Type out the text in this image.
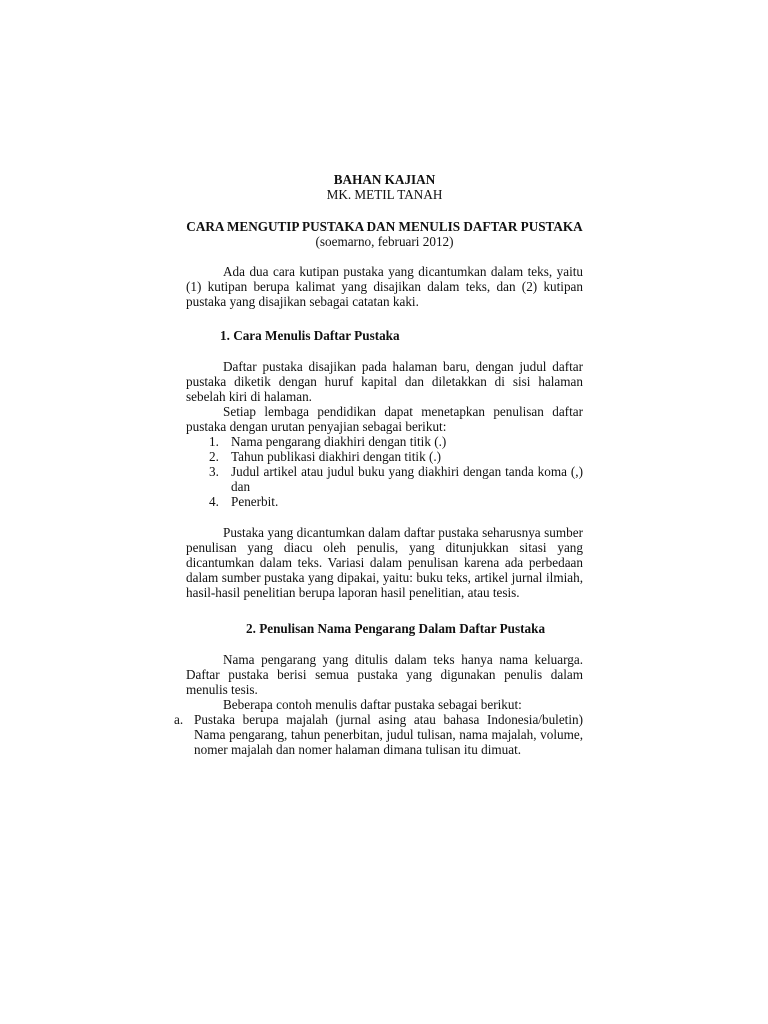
BAHAN KAJIAN

MK. METIL TANAH

CARA MENGUTIP PUSTAKA DAN MENULIS DAFTAR PUSTAKA

(soemarno, februari 2012)

Ada dua cara kutipan pustaka yang dicantumkan dalam teks, yaitu (1) kutipan berupa kalimat yang disajikan dalam teks, dan (2) kutipan pustaka yang disajikan sebagai catatan kaki.

1. Cara Menulis Daftar Pustaka

Daftar pustaka disajikan pada halaman baru, dengan judul daftar pustaka diketik dengan huruf kapital dan diletakkan di sisi halaman sebelah kiri di halaman.

Setiap lembaga pendidikan dapat menetapkan penulisan daftar pustaka dengan urutan penyajian sebagai berikut:

1. Nama pengarang diakhiri dengan titik (.)
2. Tahun publikasi diakhiri dengan titik (.)
3. Judul artikel atau judul buku yang diakhiri dengan tanda koma (,) dan
4. Penerbit.

Pustaka yang dicantumkan dalam daftar pustaka seharusnya sumber penulisan yang diacu oleh penulis, yang ditunjukkan sitasi yang dicantumkan dalam teks. Variasi dalam penulisan karena ada perbedaan dalam sumber pustaka yang dipakai, yaitu: buku teks, artikel jurnal ilmiah, hasil-hasil penelitian berupa laporan hasil penelitian, atau tesis.

2. Penulisan Nama Pengarang Dalam Daftar Pustaka

Nama pengarang yang ditulis dalam teks hanya nama keluarga. Daftar pustaka berisi semua pustaka yang digunakan penulis dalam menulis tesis.

Beberapa contoh menulis daftar pustaka sebagai berikut:

a. Pustaka berupa majalah (jurnal asing atau bahasa Indonesia/buletin) Nama pengarang, tahun penerbitan, judul tulisan, nama majalah, volume, nomer majalah dan nomer halaman dimana tulisan itu dimuat.
